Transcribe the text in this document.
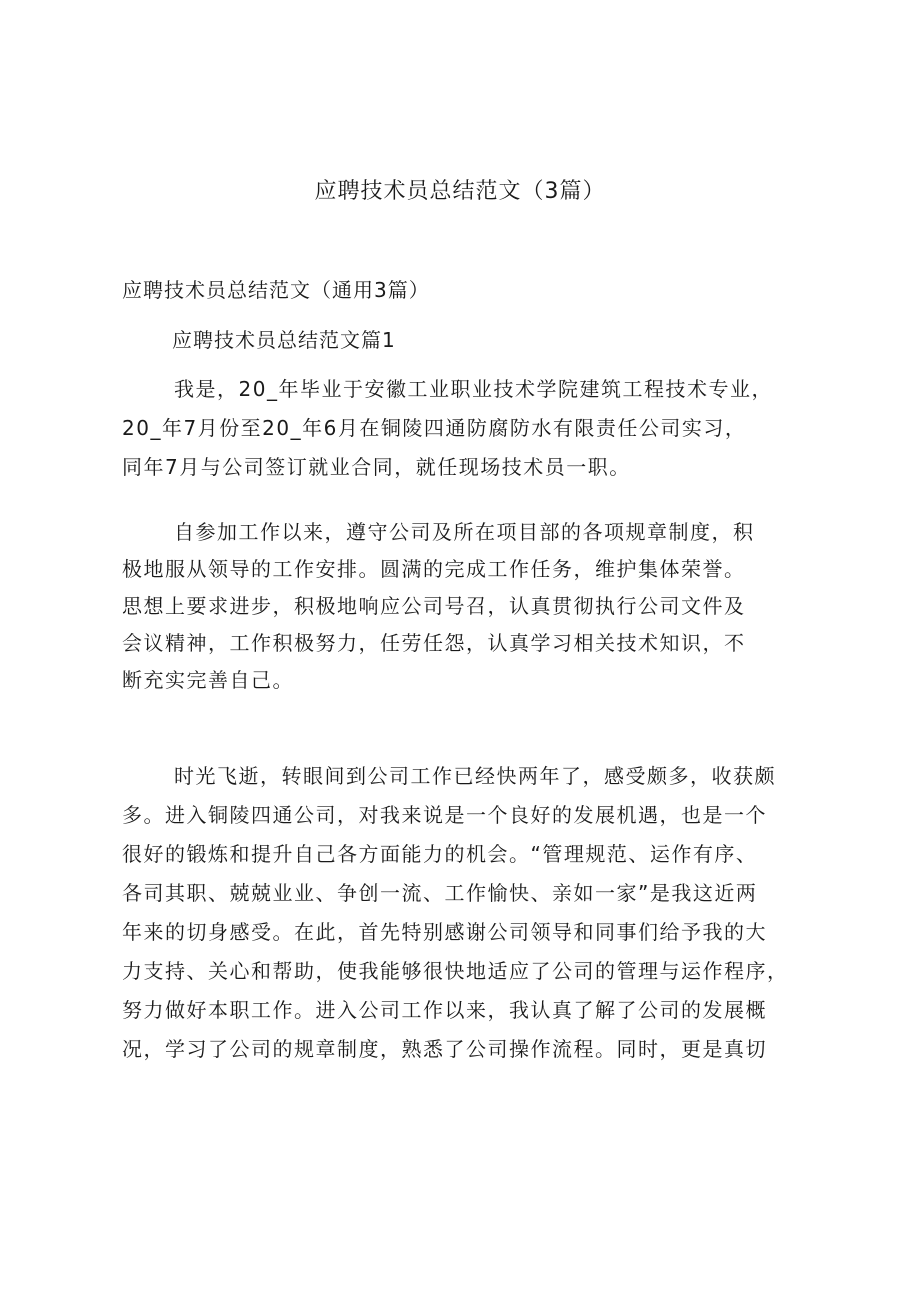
应聘技术员总结范文（3篇）
应聘技术员总结范文（通用3篇）
应聘技术员总结范文篇1
我是，20_年毕业于安徽工业职业技术学院建筑工程技术专业，
20_年7月份至20_年6月在铜陵四通防腐防水有限责任公司实习，
同年7月与公司签订就业合同，就任现场技术员一职。
自参加工作以来，遵守公司及所在项目部的各项规章制度，积
极地服从领导的工作安排。圆满的完成工作任务，维护集体荣誉。
思想上要求进步，积极地响应公司号召，认真贯彻执行公司文件及
会议精神，工作积极努力，任劳任怨，认真学习相关技术知识，不
断充实完善自己。
时光飞逝，转眼间到公司工作已经快两年了，感受颇多，收获颇
多。进入铜陵四通公司，对我来说是一个良好的发展机遇，也是一个
很好的锻炼和提升自己各方面能力的机会。“管理规范、运作有序、
各司其职、兢兢业业、争创一流、工作愉快、亲如一家”是我这近两
年来的切身感受。在此，首先特别感谢公司领导和同事们给予我的大
力支持、关心和帮助，使我能够很快地适应了公司的管理与运作程序，
努力做好本职工作。进入公司工作以来，我认真了解了公司的发展概
况，学习了公司的规章制度，熟悉了公司操作流程。同时，更是真切
